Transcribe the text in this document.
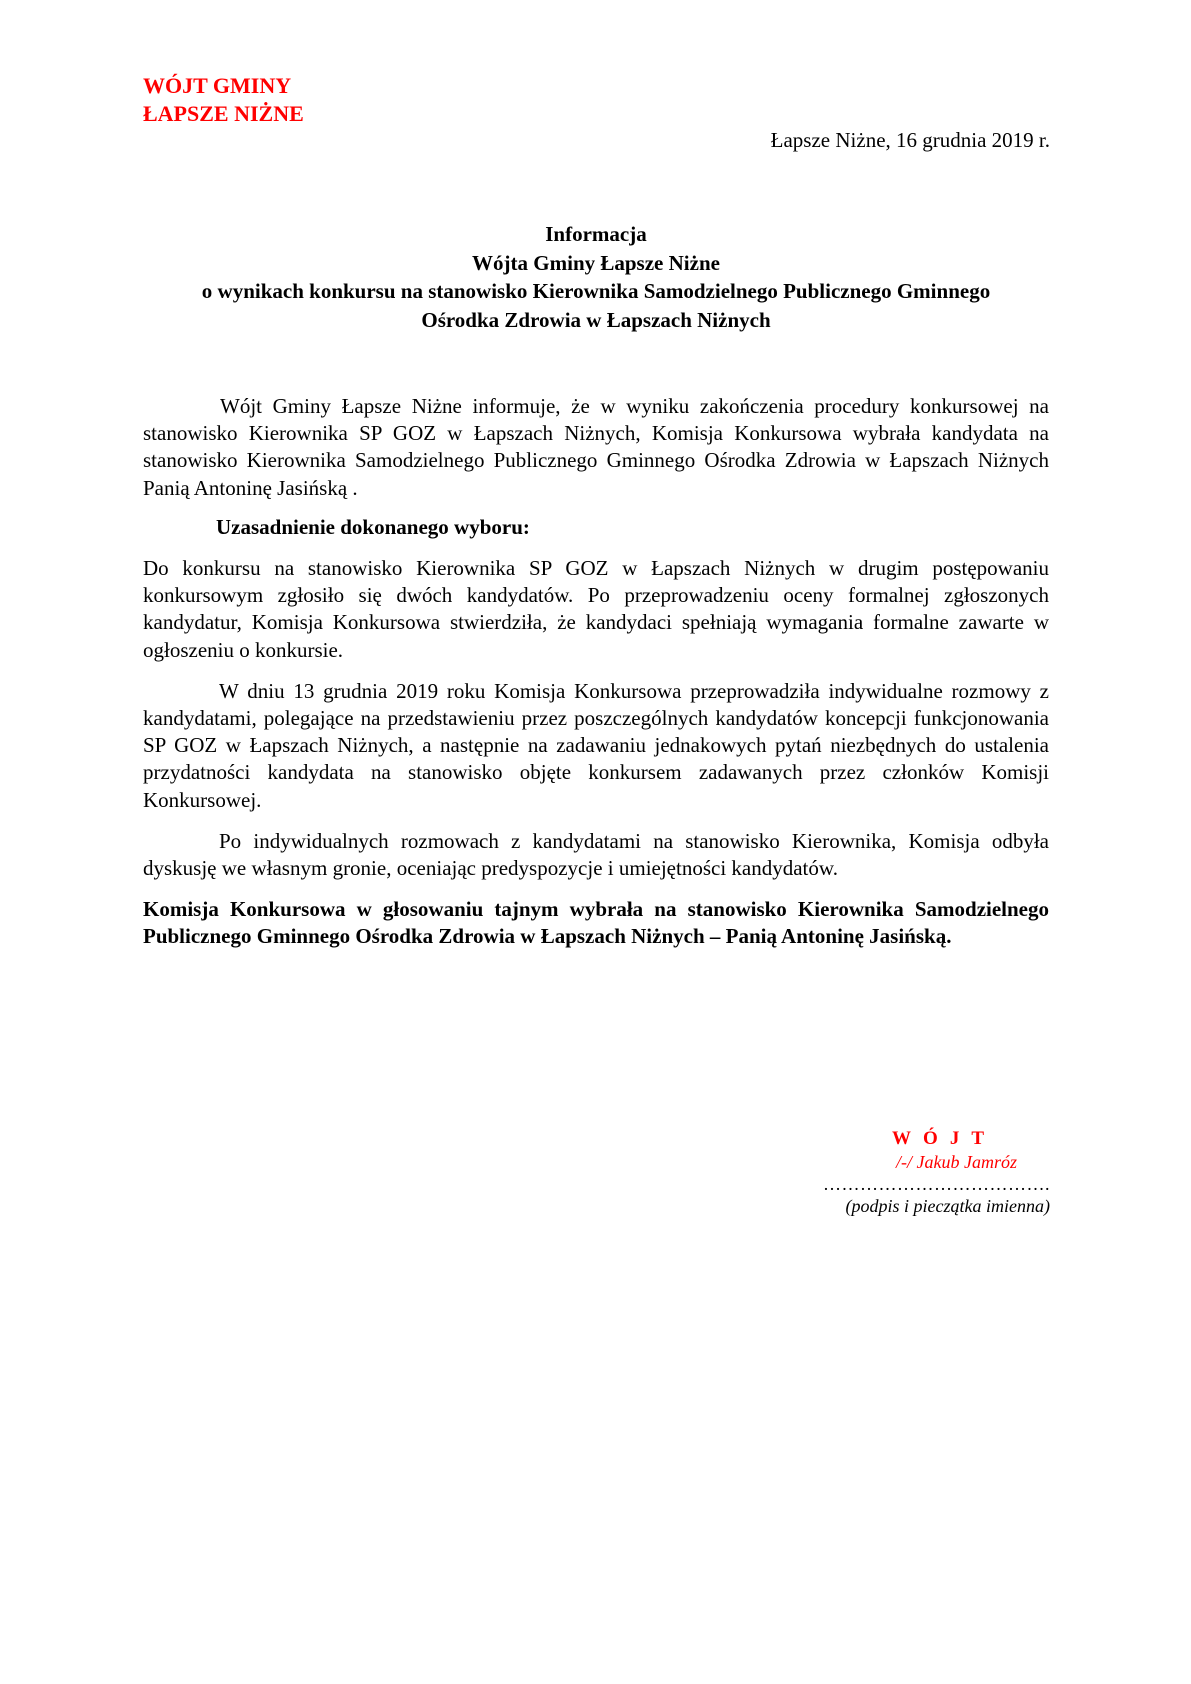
WÓJT GMINY
ŁAPSZE NIŻNE
Łapsze Niżne, 16 grudnia 2019 r.
Informacja
Wójta Gminy Łapsze Niżne
o wynikach konkursu na stanowisko Kierownika Samodzielnego Publicznego Gminnego
Ośrodka Zdrowia w Łapszach Niżnych

Wójt Gminy Łapsze Niżne informuje, że w wyniku zakończenia procedury konkursowej na stanowisko Kierownika SP GOZ w Łapszach Niżnych, Komisja Konkursowa wybrała kandydata na stanowisko Kierownika Samodzielnego Publicznego Gminnego Ośrodka Zdrowia w Łapszach Niżnych Panią Antoninę Jasińską .

Uzasadnienie dokonanego wyboru:

Do konkursu na stanowisko Kierownika SP GOZ w Łapszach Niżnych w drugim postępowaniu konkursowym zgłosiło się dwóch kandydatów. Po przeprowadzeniu oceny formalnej zgłoszonych kandydatur, Komisja Konkursowa stwierdziła, że kandydaci spełniają wymagania formalne zawarte w ogłoszeniu o konkursie.

W dniu 13 grudnia 2019 roku Komisja Konkursowa przeprowadziła indywidualne rozmowy z kandydatami, polegające na przedstawieniu przez poszczególnych kandydatów koncepcji funkcjonowania SP GOZ w Łapszach Niżnych, a następnie na zadawaniu jednakowych pytań niezbędnych do ustalenia przydatności kandydata na stanowisko objęte konkursem zadawanych przez członków Komisji Konkursowej.

Po indywidualnych rozmowach z kandydatami na stanowisko Kierownika, Komisja odbyła dyskusję we własnym gronie, oceniając predyspozycje i umiejętności kandydatów.

Komisja Konkursowa w głosowaniu tajnym wybrała na stanowisko Kierownika Samodzielnego Publicznego Gminnego Ośrodka Zdrowia w Łapszach Niżnych – Panią Antoninę Jasińską.

WÓJT
/-/ Jakub Jamróz
……………………………….
(podpis i pieczątka imienna)
